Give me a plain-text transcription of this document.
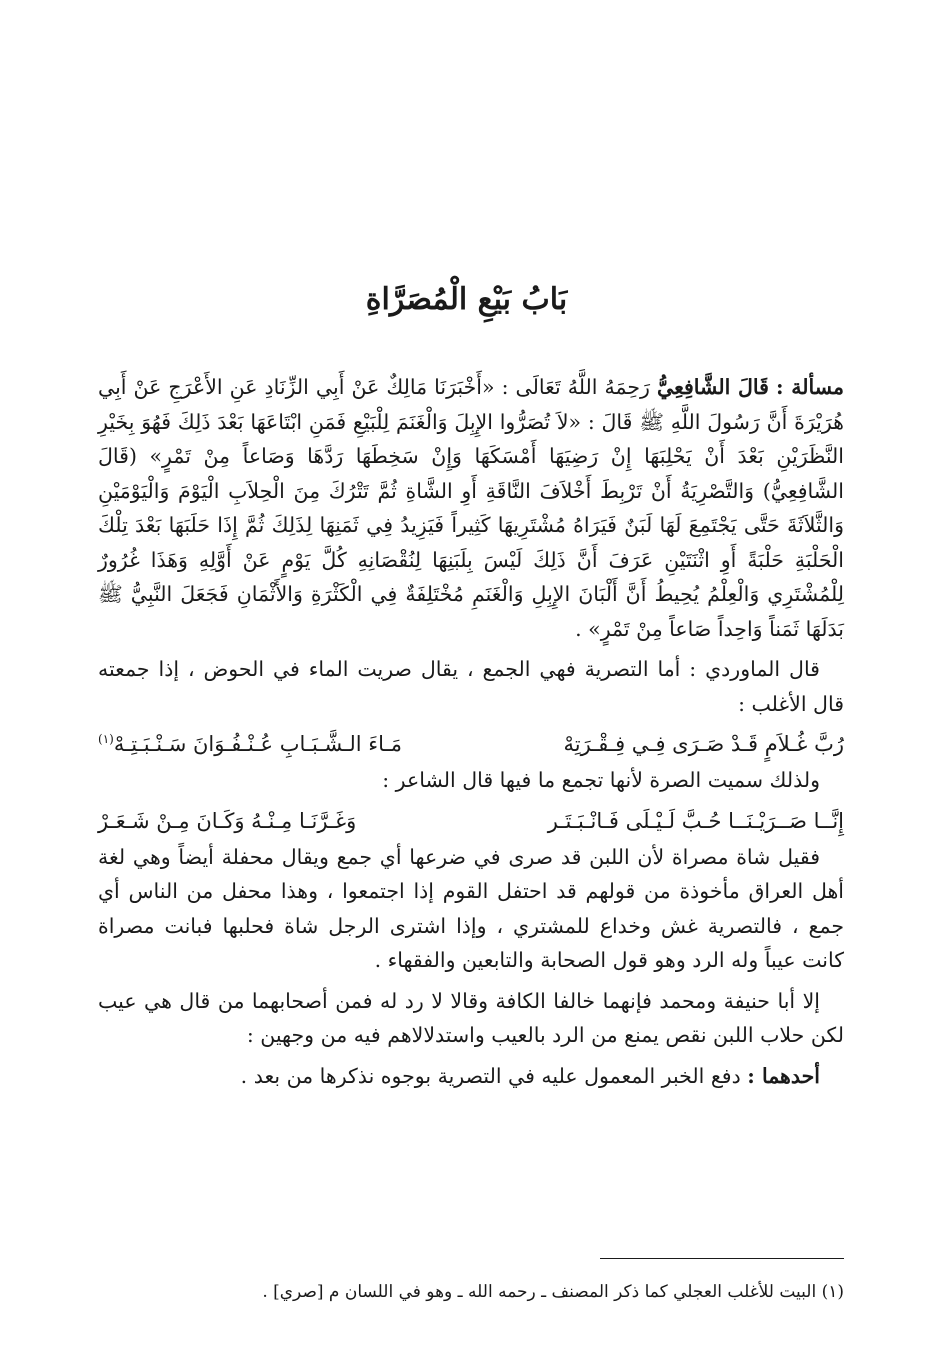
بَابُ بَيْعِ الْمُصَرَّاةِ

مسألة : قَالَ الشَّافِعِيُّ رَحِمَهُ اللَّهُ تَعَالَى : «أَخْبَرَنَا مَالِكٌ عَنْ أَبِي الزِّنَادِ عَنِ الأَعْرَجِ عَنْ أَبِي هُرَيْرَةَ أَنَّ رَسُولَ اللَّهِ ﷺ قَالَ : «لاَ تُصَرُّوا الإِبِلَ وَالْغَنَمَ لِلْبَيْعِ فَمَنِ ابْتَاعَهَا بَعْدَ ذَلِكَ فَهُوَ بِخَيْرِ النَّظَرَيْنِ بَعْدَ أَنْ يَحْلِبَهَا إِنْ رَضِيَهَا أَمْسَكَهَا وَإِنْ سَخِطَهَا رَدَّهَا وَصَاعاً مِنْ تَمْرٍ» (قَالَ الشَّافِعِيُّ) وَالتَّصْرِيَةُ أَنْ تَرْبِطَ أَخْلاَفَ النَّاقَةِ أَوِ الشَّاةِ ثُمَّ تَتْرُكَ مِنَ الْحِلاَبِ الْيَوْمَ وَالْيَوْمَيْنِ وَالثَّلاَثَةَ حَتَّى يَجْتَمِعَ لَهَا لَبَنٌ فَيَرَاهُ مُشْتَرِيهَا كَثِيراً فَيَزِيدُ فِي ثَمَنِهَا لِذَلِكَ ثُمَّ إِذَا حَلَبَهَا بَعْدَ تِلْكَ الْحَلْبَةِ حَلْبَةً أَوِ اثْنَتَيْنِ عَرَفَ أَنَّ ذَلِكَ لَيْسَ بِلَبَنِهَا لِنُقْصَانِهِ كُلَّ يَوْمٍ عَنْ أَوَّلِهِ وَهَذَا غُرُورٌ لِلْمُشْتَرِي وَالْعِلْمُ يُحِيطُ أَنَّ أَلْبَانَ الإِبِلِ وَالْغَنَمِ مُخْتَلِفَةٌ فِي الْكَثْرَةِ وَالأَثْمَانِ فَجَعَلَ النَّبِيُّ ﷺ بَدَلَهَا ثَمَناً وَاحِداً صَاعاً مِنْ تَمْرٍ» .

قال الماوردي : أما التصرية فهي الجمع ، يقال صريت الماء في الحوض ، إذا جمعته قال الأغلب :

رُبَّ غُـلاَمٍ قَـدْ صَـرَى فِـي فِـقْـرَتِهْ
مَـاءَ الـشَّـبَـابِ عُـنْـفُـوَانَ سَـنْـبَـتِـهْ$^{(١)}$

ولذلك سميت الصرة لأنها تجمع ما فيها قال الشاعر :

إِنَّــا صَــرَيْـنَــا حُـبَّ لَـيْـلَى فَـانْـبَـتَـر
وَغَـرَّنَـا مِـنْـهُ وَكَـانَ مِـنْ شَـعَـرْ

فقيل شاة مصراة لأن اللبن قد صرى في ضرعها أي جمع ويقال محفلة أيضاً وهي لغة أهل العراق مأخوذة من قولهم قد احتفل القوم إذا اجتمعوا ، وهذا محفل من الناس أي جمع ، فالتصرية غش وخداع للمشتري ، وإذا اشترى الرجل شاة فحلبها فبانت مصراة كانت عيباً وله الرد وهو قول الصحابة والتابعين والفقهاء .

إلا أبا حنيفة ومحمد فإنهما خالفا الكافة وقالا لا رد له فمن أصحابهما من قال هي عيب لكن حلاب اللبن نقص يمنع من الرد بالعيب واستدلالاهم فيه من وجهين :

أحدهما : دفع الخبر المعمول عليه في التصرية بوجوه نذكرها من بعد .

(١) البيت للأغلب العجلي كما ذكر المصنف ـ رحمه الله ـ وهو في اللسان م [صري] .
